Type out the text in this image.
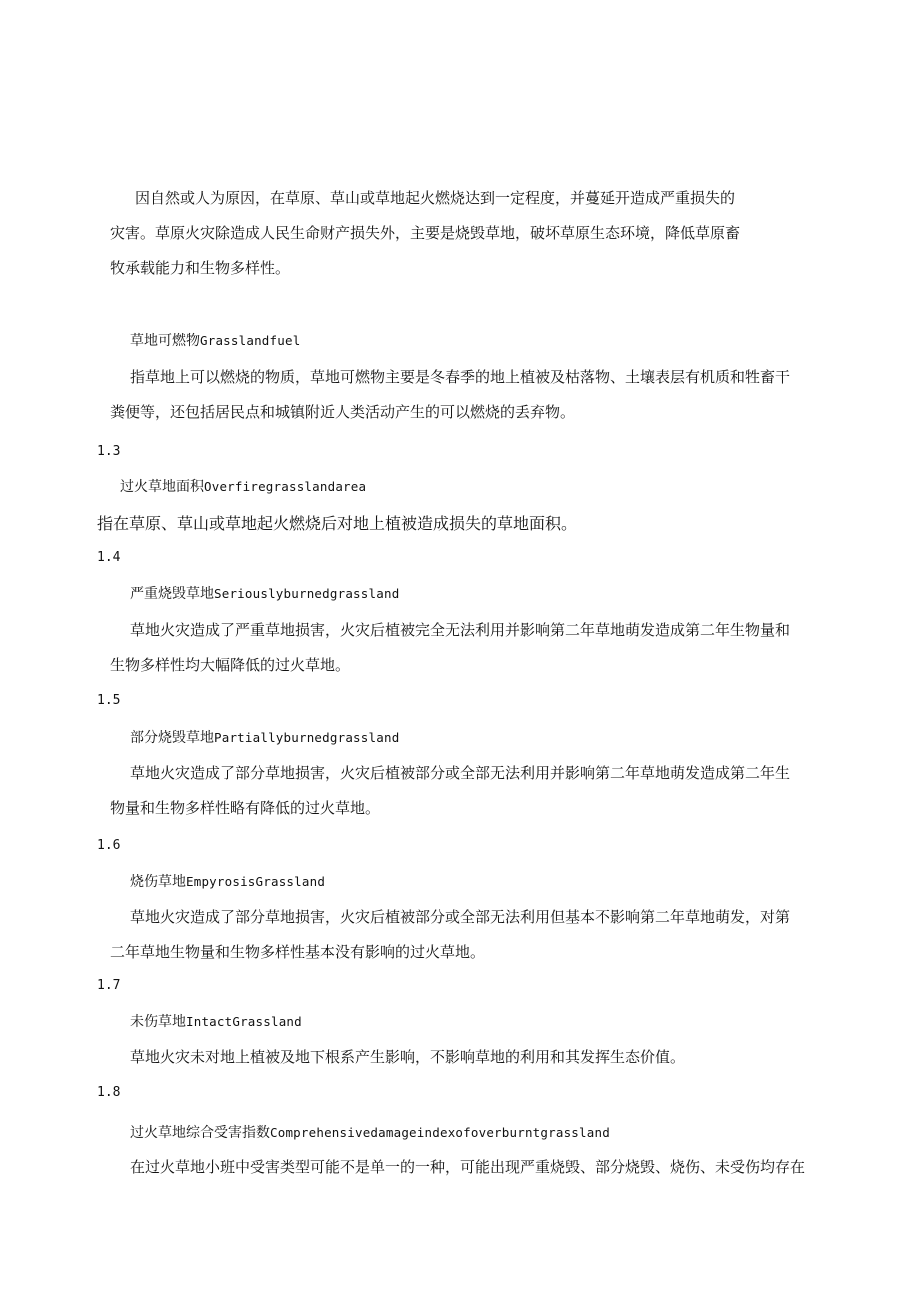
因自然或人为原因，在草原、草山或草地起火燃烧达到一定程度，并蔓延开造成严重损失的
灾害。草原火灾除造成人民生命财产损失外，主要是烧毁草地，破坏草原生态环境，降低草原畜
牧承载能力和生物多样性。
草地可燃物Grasslandfuel
指草地上可以燃烧的物质，草地可燃物主要是冬春季的地上植被及枯落物、土壤表层有机质和牲畜干
粪便等，还包括居民点和城镇附近人类活动产生的可以燃烧的丢弃物。
1.3
过火草地面积Overfiregrasslandarea
指在草原、草山或草地起火燃烧后对地上植被造成损失的草地面积。
1.4
严重烧毁草地Seriouslyburnedgrassland
草地火灾造成了严重草地损害，火灾后植被完全无法利用并影响第二年草地萌发造成第二年生物量和
生物多样性均大幅降低的过火草地。
1.5
部分烧毁草地Partiallyburnedgrassland
草地火灾造成了部分草地损害，火灾后植被部分或全部无法利用并影响第二年草地萌发造成第二年生
物量和生物多样性略有降低的过火草地。
1.6
烧伤草地EmpyrosisGrassland
草地火灾造成了部分草地损害，火灾后植被部分或全部无法利用但基本不影响第二年草地萌发，对第
二年草地生物量和生物多样性基本没有影响的过火草地。
1.7
未伤草地IntactGrassland
草地火灾未对地上植被及地下根系产生影响，不影响草地的利用和其发挥生态价值。
1.8
过火草地综合受害指数Comprehensivedamageindexofoverburntgrassland
在过火草地小班中受害类型可能不是单一的一种，可能出现严重烧毁、部分烧毁、烧伤、未受伤均存在
